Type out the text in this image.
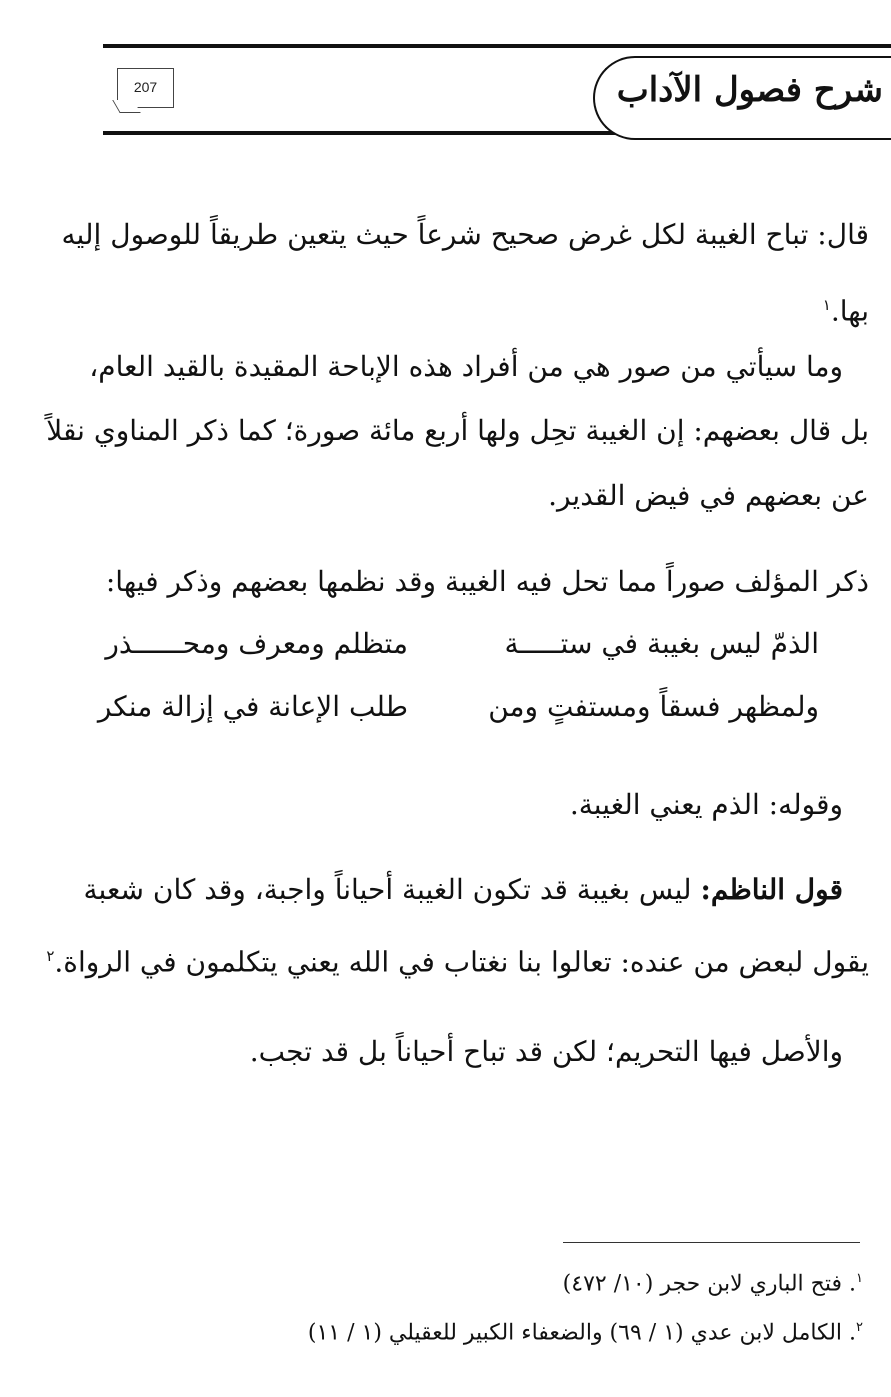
شرح فصول الآداب
207
قال: تباح الغيبة لكل غرض صحيح شرعاً حيث يتعين طريقاً للوصول إليه
بها.$^١$
وما سيأتي من صور هي من أفراد هذه الإباحة المقيدة بالقيد العام،
بل قال بعضهم: إن الغيبة تحِل ولها أربع مائة صورة؛ كما ذكر المناوي نقلاً
عن بعضهم في فيض القدير.
ذكر المؤلف صوراً مما تحل فيه الغيبة وقد نظمها بعضهم وذكر فيها:
الذمّ ليس بغيبة في ستـــــة
متظلم ومعرف ومحــــــذر
ولمظهر فسقاً ومستفتٍ ومن
طلب الإعانة في إزالة منكر
وقوله: الذم يعني الغيبة.
قول الناظم: ليس بغيبة قد تكون الغيبة أحياناً واجبة، وقد كان شعبة
يقول لبعض من عنده: تعالوا بنا نغتاب في الله يعني يتكلمون في الرواة.$^٢$
والأصل فيها التحريم؛ لكن قد تباح أحياناً بل قد تجب.
$^١$. فتح الباري لابن حجر (١٠/ ٤٧٢)
$^٢$. الكامل لابن عدي (١ / ٦٩) والضعفاء الكبير للعقيلي (١ / ١١)
